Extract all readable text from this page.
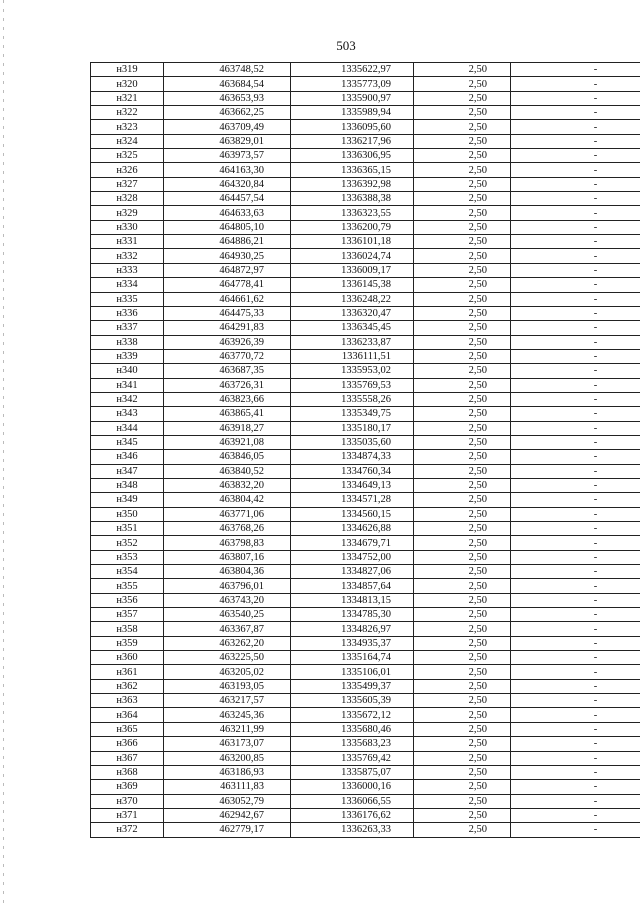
503
н319	463748,52	1335622,97	2,50	-
н320	463684,54	1335773,09	2,50	-
н321	463653,93	1335900,97	2,50	-
н322	463662,25	1335989,94	2,50	-
н323	463709,49	1336095,60	2,50	-
н324	463829,01	1336217,96	2,50	-
н325	463973,57	1336306,95	2,50	-
н326	464163,30	1336365,15	2,50	-
н327	464320,84	1336392,98	2,50	-
н328	464457,54	1336388,38	2,50	-
н329	464633,63	1336323,55	2,50	-
н330	464805,10	1336200,79	2,50	-
н331	464886,21	1336101,18	2,50	-
н332	464930,25	1336024,74	2,50	-
н333	464872,97	1336009,17	2,50	-
н334	464778,41	1336145,38	2,50	-
н335	464661,62	1336248,22	2,50	-
н336	464475,33	1336320,47	2,50	-
н337	464291,83	1336345,45	2,50	-
н338	463926,39	1336233,87	2,50	-
н339	463770,72	1336111,51	2,50	-
н340	463687,35	1335953,02	2,50	-
н341	463726,31	1335769,53	2,50	-
н342	463823,66	1335558,26	2,50	-
н343	463865,41	1335349,75	2,50	-
н344	463918,27	1335180,17	2,50	-
н345	463921,08	1335035,60	2,50	-
н346	463846,05	1334874,33	2,50	-
н347	463840,52	1334760,34	2,50	-
н348	463832,20	1334649,13	2,50	-
н349	463804,42	1334571,28	2,50	-
н350	463771,06	1334560,15	2,50	-
н351	463768,26	1334626,88	2,50	-
н352	463798,83	1334679,71	2,50	-
н353	463807,16	1334752,00	2,50	-
н354	463804,36	1334827,06	2,50	-
н355	463796,01	1334857,64	2,50	-
н356	463743,20	1334813,15	2,50	-
н357	463540,25	1334785,30	2,50	-
н358	463367,87	1334826,97	2,50	-
н359	463262,20	1334935,37	2,50	-
н360	463225,50	1335164,74	2,50	-
н361	463205,02	1335106,01	2,50	-
н362	463193,05	1335499,37	2,50	-
н363	463217,57	1335605,39	2,50	-
н364	463245,36	1335672,12	2,50	-
н365	463211,99	1335680,46	2,50	-
н366	463173,07	1335683,23	2,50	-
н367	463200,85	1335769,42	2,50	-
н368	463186,93	1335875,07	2,50	-
н369	463111,83	1336000,16	2,50	-
н370	463052,79	1336066,55	2,50	-
н371	462942,67	1336176,62	2,50	-
н372	462779,17	1336263,33	2,50	-
